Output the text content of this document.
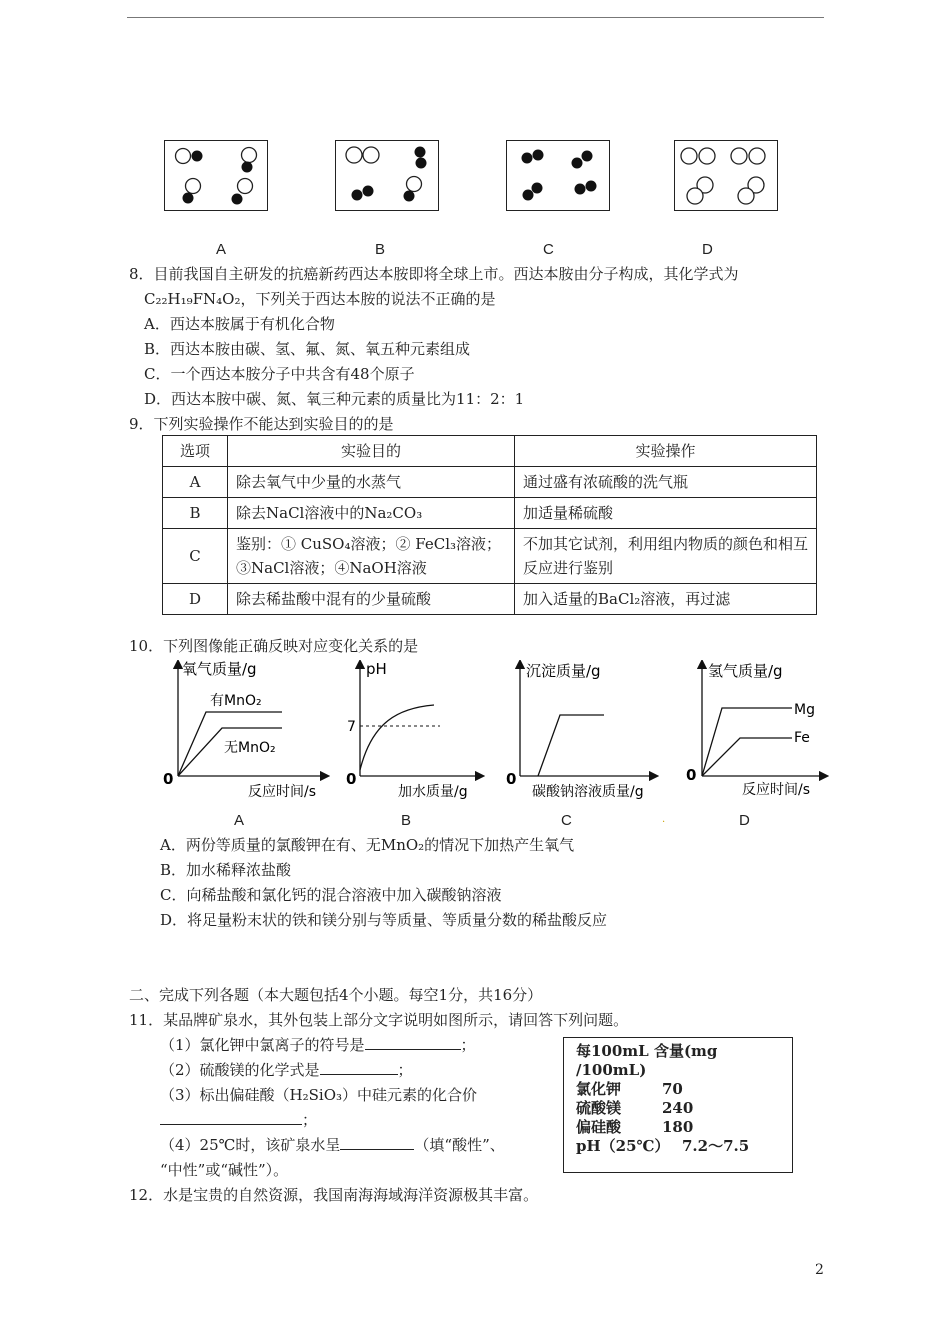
A	B	C	D
8．目前我国自主研发的抗癌新药西达本胺即将全球上市。西达本胺由分子构成，其化学式为
C₂₂H₁₉FN₄O₂，下列关于西达本胺的说法不正确的是
A．西达本胺属于有机化合物
B．西达本胺由碳、氢、氟、氮、氧五种元素组成
C．一个西达本胺分子中共含有48个原子
D．西达本胺中碳、氮、氧三种元素的质量比为11：2：1
9．下列实验操作不能达到实验目的的是
选项	实验目的	实验操作
A	除去氧气中少量的水蒸气	通过盛有浓硫酸的洗气瓶
B	除去NaCl溶液中的Na₂CO₃	加适量稀硫酸
C	鉴别：① CuSO₄溶液；② FeCl₃溶液；③NaCl溶液；④NaOH溶液	不加其它试剂，利用组内物质的颜色和相互反应进行鉴别
D	除去稀盐酸中混有的少量硫酸	加入适量的BaCl₂溶液，再过滤
10．下列图像能正确反映对应变化关系的是
氧气质量/g
有MnO₂
无MnO₂
0
反应时间/s
pH
7
0
加水质量/g
沉淀质量/g
0
碳酸钠溶液质量/g
.
氢气质量/g
Mg
Fe
0
反应时间/s
A	B	C	D
A．两份等质量的氯酸钾在有、无MnO₂的情况下加热产生氧气
B．加水稀释浓盐酸
C．向稀盐酸和氯化钙的混合溶液中加入碳酸钠溶液
D．将足量粉末状的铁和镁分别与等质量、等质量分数的稀盐酸反应
二、完成下列各题（本大题包括4个小题。每空1分，共16分）
11．某品牌矿泉水，其外包装上部分文字说明如图所示，请回答下列问题。
（1）氯化钾中氯离子的符号是	；
（2）硫酸镁的化学式是	；
（3）标出偏硅酸（H₂SiO₃）中硅元素的化合价
；
（4）25℃时，该矿泉水呈	（填“酸性”、
“中性”或“碱性”）。
每100mL 含量(mg /100mL)
氯化钾	70
硫酸镁	240
偏硅酸	180
pH（25℃） 7.2～7.5
12．水是宝贵的自然资源，我国南海海域海洋资源极其丰富。
2
